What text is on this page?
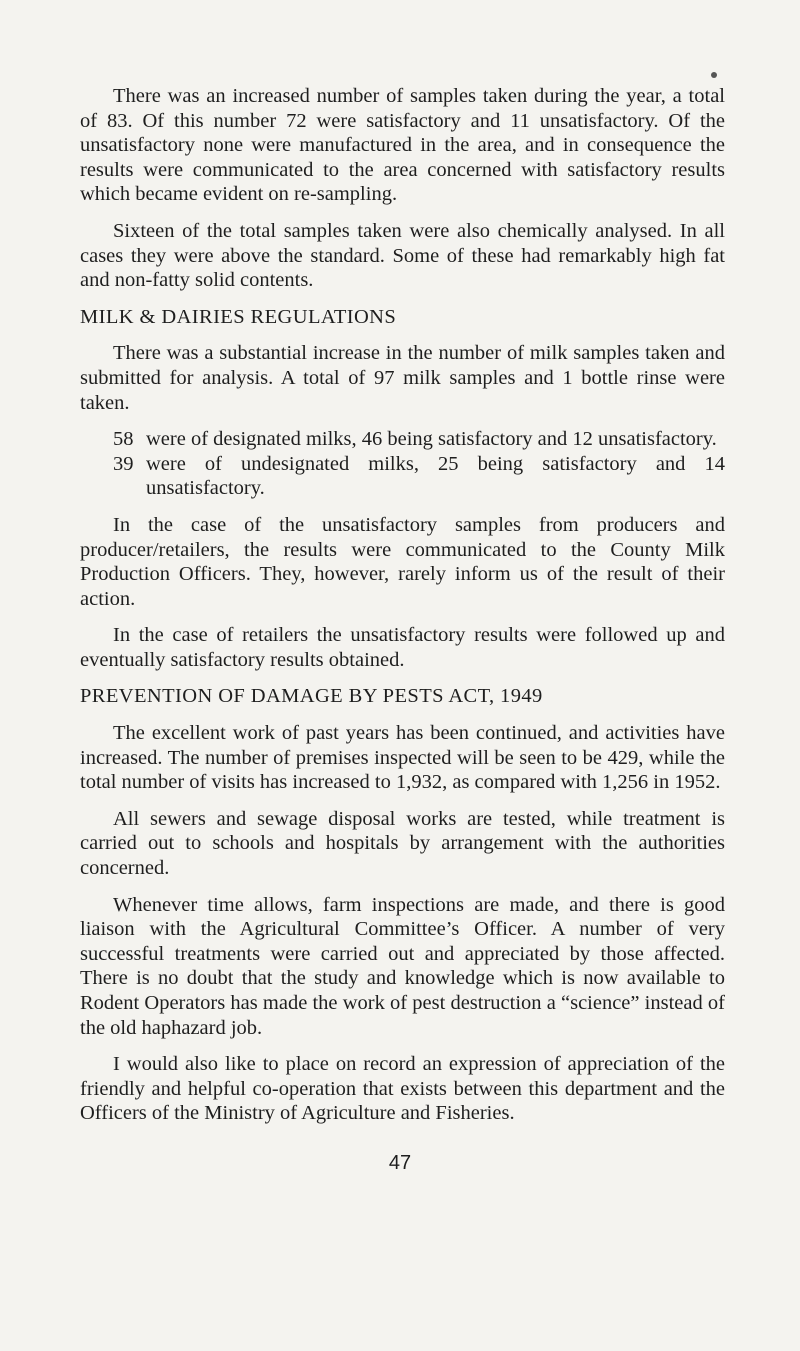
There was an increased number of samples taken during the year, a total of 83. Of this number 72 were satisfactory and 11 unsatisfactory. Of the unsatisfactory none were manufactured in the area, and in consequence the results were communicated to the area concerned with satisfactory results which became evident on re-sampling.

Sixteen of the total samples taken were also chemically analysed. In all cases they were above the standard. Some of these had remarkably high fat and non-fatty solid contents.

MILK & DAIRIES REGULATIONS

There was a substantial increase in the number of milk samples taken and submitted for analysis. A total of 97 milk samples and 1 bottle rinse were taken.

58 were of designated milks, 46 being satisfactory and 12 unsatisfactory.
39 were of undesignated milks, 25 being satisfactory and 14 unsatisfactory.

In the case of the unsatisfactory samples from producers and producer/retailers, the results were communicated to the County Milk Production Officers. They, however, rarely inform us of the result of their action.

In the case of retailers the unsatisfactory results were followed up and eventually satisfactory results obtained.

PREVENTION OF DAMAGE BY PESTS ACT, 1949

The excellent work of past years has been continued, and activities have increased. The number of premises inspected will be seen to be 429, while the total number of visits has increased to 1,932, as compared with 1,256 in 1952.

All sewers and sewage disposal works are tested, while treatment is carried out to schools and hospitals by arrangement with the authorities concerned.

Whenever time allows, farm inspections are made, and there is good liaison with the Agricultural Committee’s Officer. A number of very successful treatments were carried out and appreciated by those affected. There is no doubt that the study and knowledge which is now available to Rodent Operators has made the work of pest destruction a “science” instead of the old haphazard job.

I would also like to place on record an expression of appreciation of the friendly and helpful co-operation that exists between this department and the Officers of the Ministry of Agriculture and Fisheries.

47
